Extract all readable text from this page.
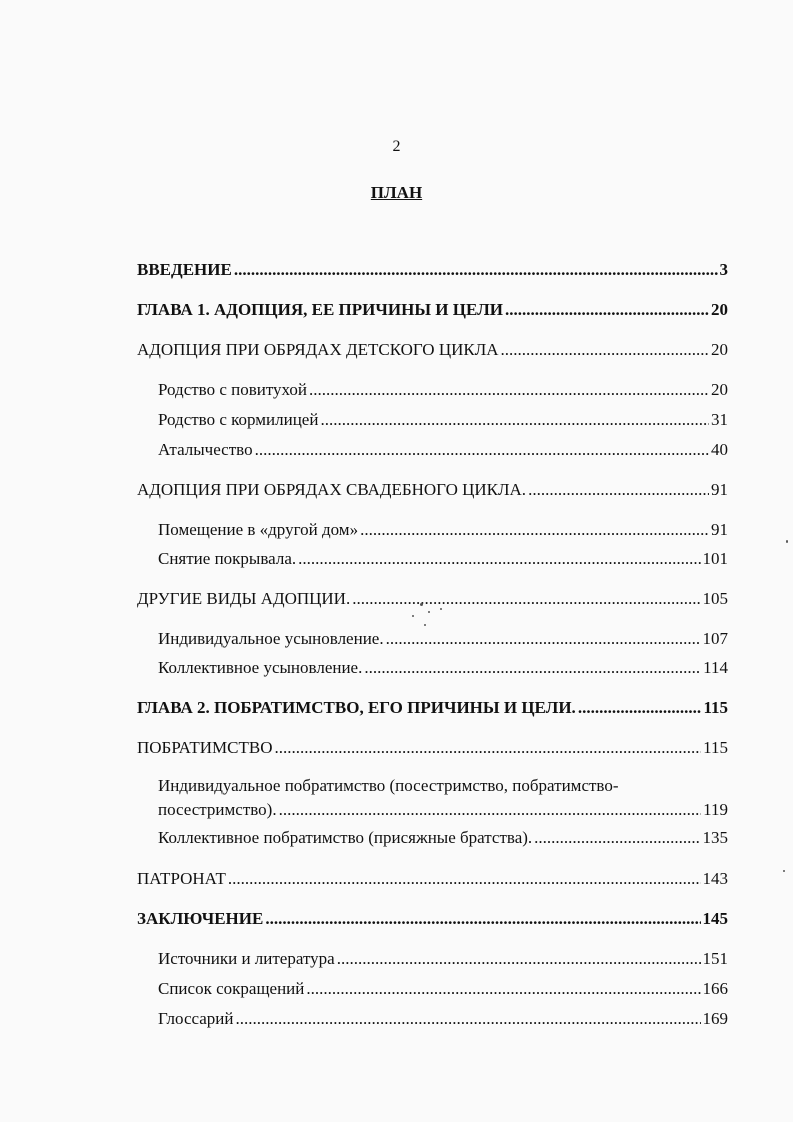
2
ПЛАН
ВВЕДЕНИЕ .....	3
ГЛАВА 1. АДОПЦИЯ, ЕЕ ПРИЧИНЫ И ЦЕЛИ .....	20
АДОПЦИЯ ПРИ ОБРЯДАХ ДЕТСКОГО ЦИКЛА .....	20
Родство с повитухой .....	20
Родство с кормилицей .....	31
Аталычество .....	40
АДОПЦИЯ ПРИ ОБРЯДАХ СВАДЕБНОГО ЦИКЛА. .....	91
Помещение в «другой дом» .....	91
Снятие покрывала. .....	101
ДРУГИЕ ВИДЫ АДОПЦИИ. .....	105
Индивидуальное усыновление. .....	107
Коллективное усыновление. .....	114
ГЛАВА 2. ПОБРАТИМСТВО, ЕГО ПРИЧИНЫ И ЦЕЛИ. .....	115
ПОБРАТИМСТВО .....	115
Индивидуальное побратимство (посестримство, побратимство-
посестримство). .....	119
Коллективное побратимство (присяжные братства). .....	135
ПАТРОНАТ .....	143
ЗАКЛЮЧЕНИЕ .....	145
Источники и литература .....	151
Список сокращений .....	166
Глоссарий .....	169
